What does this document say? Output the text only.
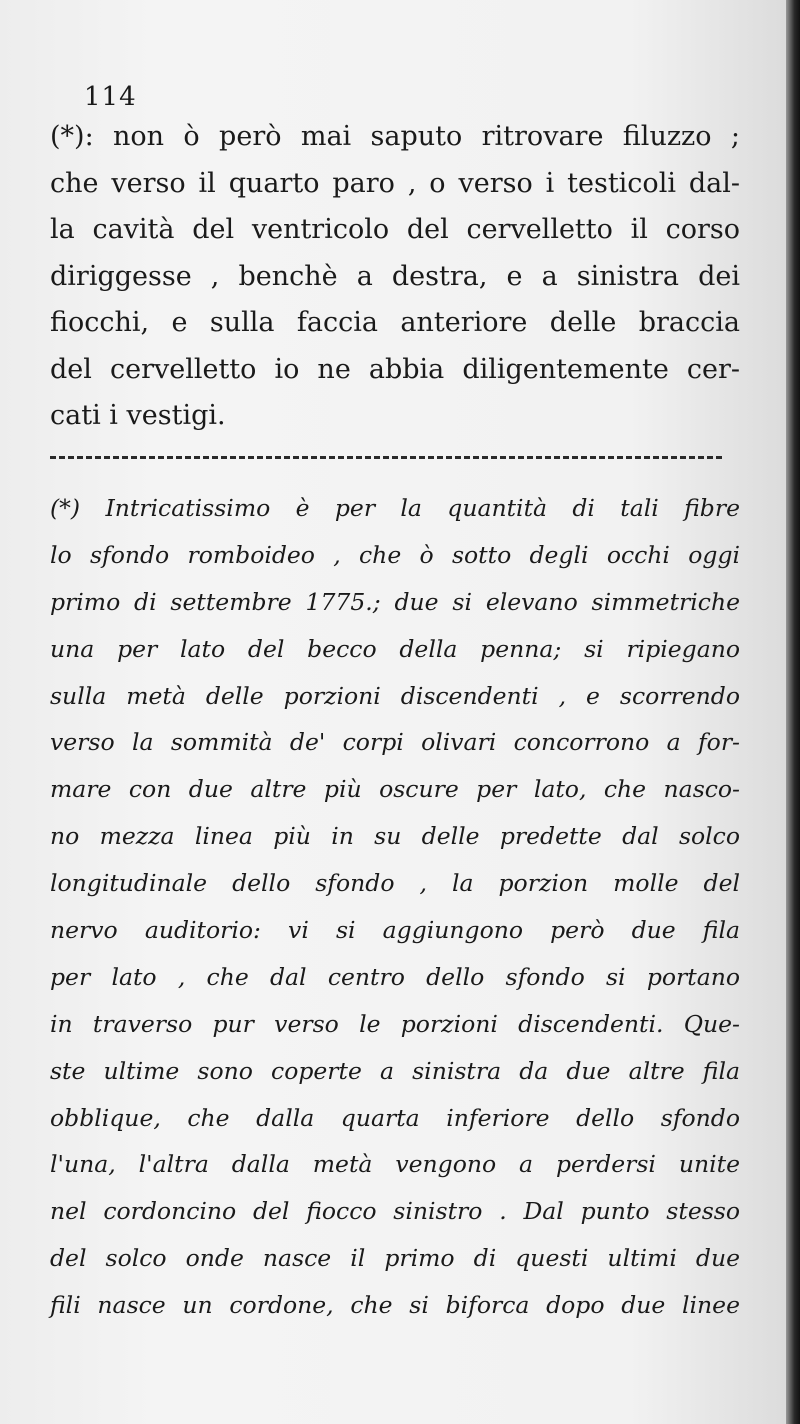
114
(*): non ò però mai saputo ritrovare filuzzo ;
che verso il quarto paro , o verso i testicoli dal-
la cavità del ventricolo del cervelletto il corso
diriggesse , benchè a destra, e a sinistra dei
fiocchi, e sulla faccia anteriore delle braccia
del cervelletto io ne abbia diligentemente cer-
cati i vestigi.
(*) Intricatissimo è per la quantità di tali fibre
lo sfondo romboideo , che ò sotto degli occhi oggi
primo di settembre 1775.; due si elevano simmetriche
una per lato del becco della penna; si ripiegano
sulla metà delle porzioni discendenti , e scorrendo
verso la sommità de' corpi olivari concorrono a for-
mare con due altre più oscure per lato, che nasco-
no mezza linea più in su delle predette dal solco
longitudinale dello sfondo , la porzion molle del
nervo auditorio: vi si aggiungono però due fila
per lato , che dal centro dello sfondo si portano
in traverso pur verso le porzioni discendenti. Que-
ste ultime sono coperte a sinistra da due altre fila
obblique, che dalla quarta inferiore dello sfondo
l'una, l'altra dalla metà vengono a perdersi unite
nel cordoncino del fiocco sinistro . Dal punto stesso
del solco onde nasce il primo di questi ultimi due
fili nasce un cordone, che si biforca dopo due linee
